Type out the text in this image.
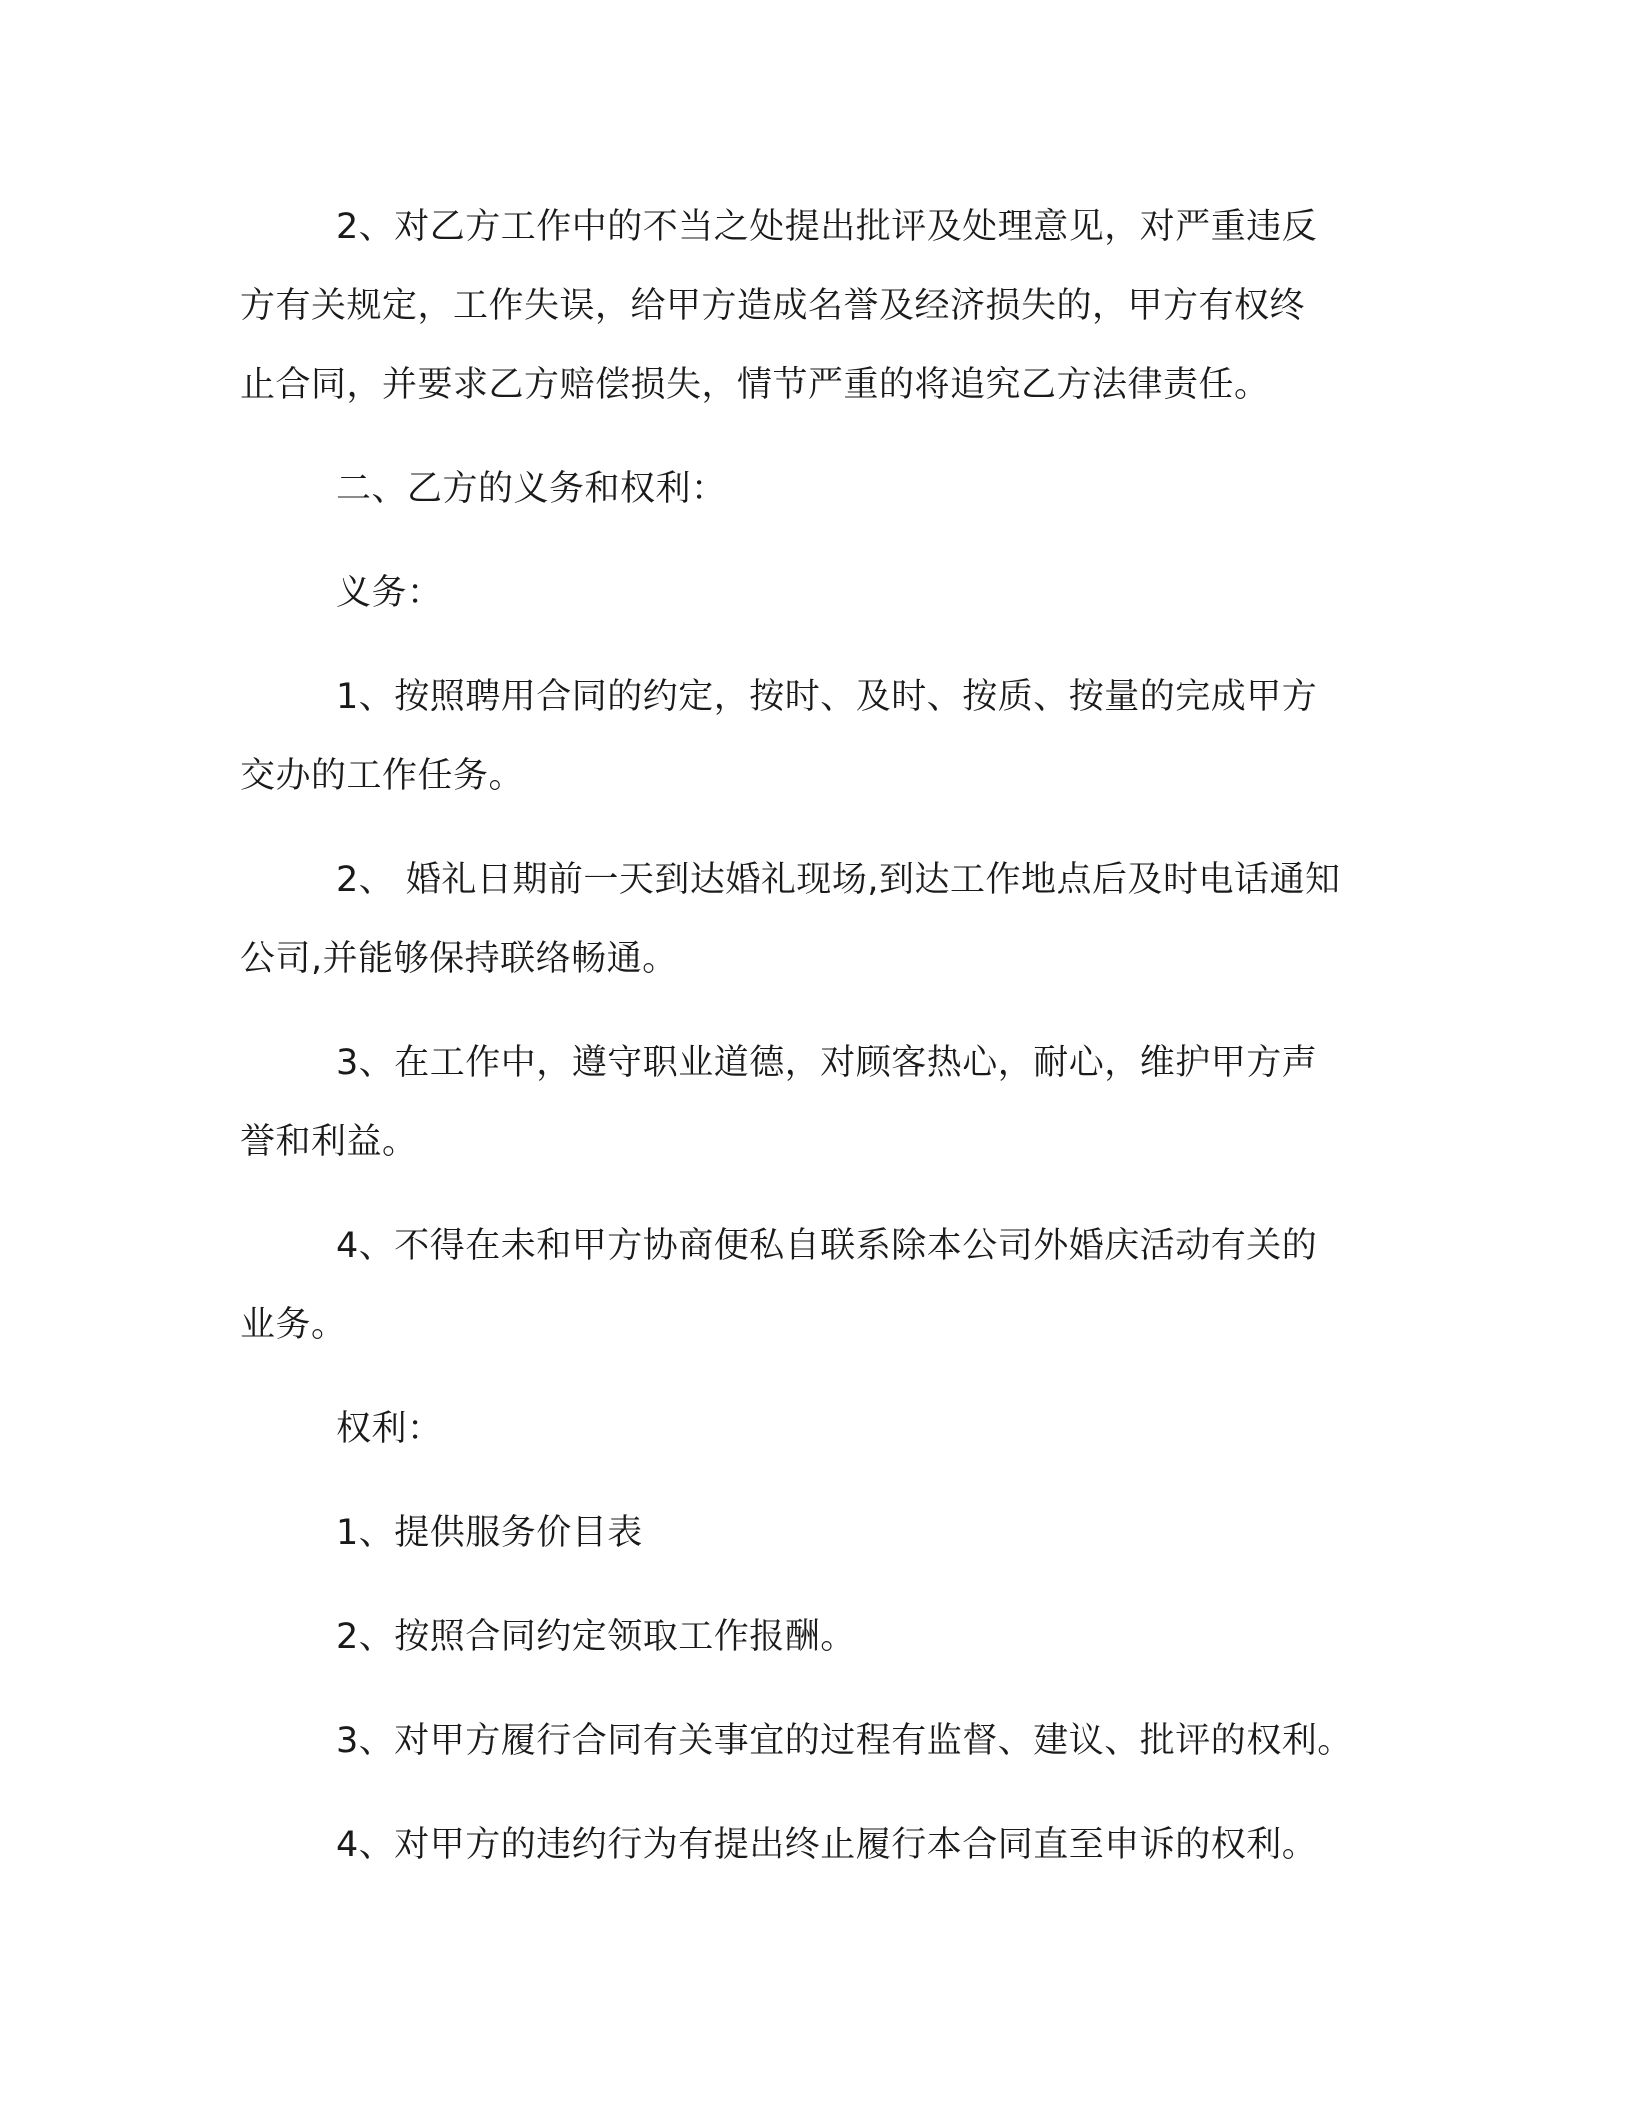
2、对乙方工作中的不当之处提出批评及处理意见，对严重违反
方有关规定，工作失误，给甲方造成名誉及经济损失的，甲方有权终
止合同，并要求乙方赔偿损失，情节严重的将追究乙方法律责任。

二、乙方的义务和权利：

义务：

1、按照聘用合同的约定，按时、及时、按质、按量的完成甲方
交办的工作任务。

2、 婚礼日期前一天到达婚礼现场,到达工作地点后及时电话通知
公司,并能够保持联络畅通。

3、在工作中，遵守职业道德，对顾客热心，耐心，维护甲方声
誉和利益。

4、不得在未和甲方协商便私自联系除本公司外婚庆活动有关的
业务。

权利：

1、提供服务价目表

2、按照合同约定领取工作报酬。

3、对甲方履行合同有关事宜的过程有监督、建议、批评的权利。

4、对甲方的违约行为有提出终止履行本合同直至申诉的权利。
